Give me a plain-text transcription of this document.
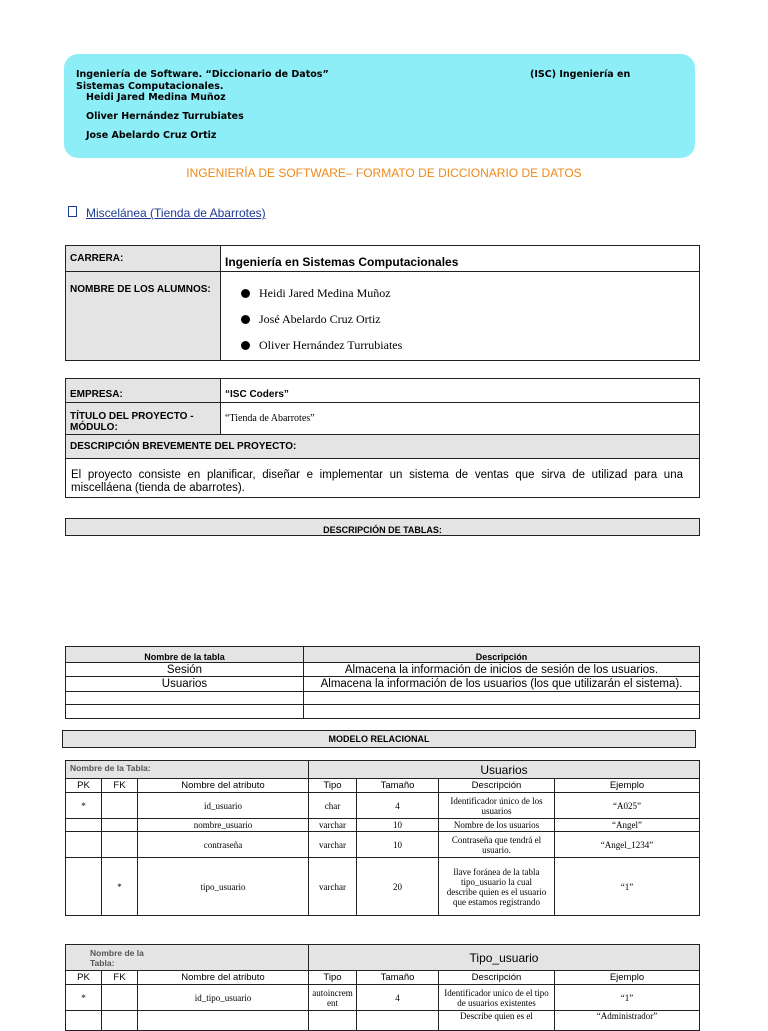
Ingeniería de Software. “Diccionario de Datos”	(ISC) Ingeniería en
Sistemas Computacionales.
Heidi Jared Medina Muñoz
Oliver Hernández Turrubiates
Jose Abelardo Cruz Ortiz
INGENIERÍA DE SOFTWARE– FORMATO DE DICCIONARIO DE DATOS
Miscelánea (Tienda de Abarrotes)
CARRERA:	Ingeniería en Sistemas Computacionales
NOMBRE DE LOS ALUMNOS:	Heidi Jared Medina Muñoz
José Abelardo Cruz Ortiz
Oliver Hernández Turrubiates
EMPRESA:	“ISC Coders”
TÍTULO DEL PROYECTO - MÓDULO:	“Tienda de Abarrotes”
DESCRIPCIÓN BREVEMENTE DEL PROYECTO:	
El proyecto consiste en planificar, diseñar e implementar un sistema de ventas que sirva de utilizad para una miscelláena (tienda de abarrotes).	
DESCRIPCIÓN DE TABLAS:
Nombre de la tabla	Descripción
Sesión	Almacena la información de inicios de sesión de los usuarios.
Usuarios	Almacena la información de los usuarios (los que utilizarán el sistema).

MODELO RELACIONAL
Nombre de la Tabla:			Usuarios			
PK	FK	Nombre del atributo	Tipo	Tamaño	Descripción	Ejemplo
*		id_usuario	char	4	Identificador único de los usuarios	“A025”
		nombre_usuario	varchar	10	Nombre de los usuarios	“Angel”
		contraseña	varchar	10	Contraseña que tendrá el usuario.	“Angel_1234”
	*	tipo_usuario	varchar	20	llave foránea de la tabla tipo_usuario la cual describe quien es el usuario que estamos registrando	“1”
Nombre de la Tabla:			Tipo_usuario			
PK	FK	Nombre del atributo	Tipo	Tamaño	Descripción	Ejemplo
*		id_tipo_usuario	autoincrement	4	Identificador unico de el tipo de usuarios existentes	“1”
					Describe quien es el	“Administrador”
